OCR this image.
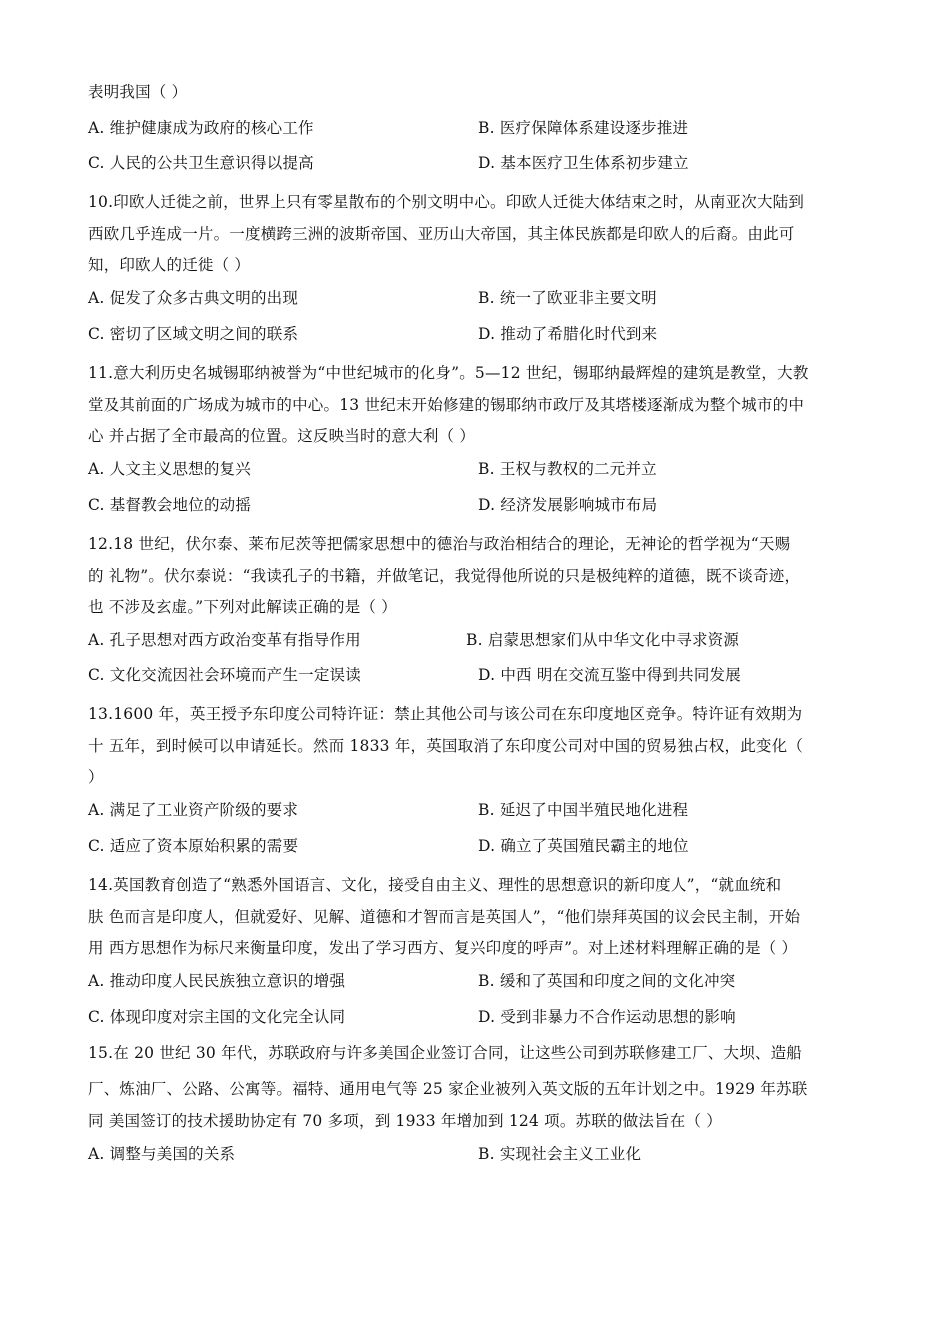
表明我国（ ）
A. 维护健康成为政府的核心工作	B. 医疗保障体系建设逐步推进
C. 人民的公共卫生意识得以提高	D. 基本医疗卫生体系初步建立
10.印欧人迁徙之前，世界上只有零星散布的个别文明中心。印欧人迁徙大体结束之时，从南亚次大陆到
西欧几乎连成一片。一度横跨三洲的波斯帝国、亚历山大帝国，其主体民族都是印欧人的后裔。由此可
知，印欧人的迁徙（ ）
A. 促发了众多古典文明的出现	B. 统一了欧亚非主要文明
C. 密切了区域文明之间的联系	D. 推动了希腊化时代到来
11.意大利历史名城锡耶纳被誉为“中世纪城市的化身”。5—12 世纪，锡耶纳最辉煌的建筑是教堂，大教
堂及其前面的广场成为城市的中心。13 世纪末开始修建的锡耶纳市政厅及其塔楼逐渐成为整个城市的中
心 并占据了全市最高的位置。这反映当时的意大利（ ）
A. 人文主义思想的复兴	B. 王权与教权的二元并立
C. 基督教会地位的动摇	D. 经济发展影响城市布局
12.18 世纪，伏尔泰、莱布尼茨等把儒家思想中的德治与政治相结合的理论，无神论的哲学视为“天赐
的 礼物”。伏尔泰说：“我读孔子的书籍，并做笔记，我觉得他所说的只是极纯粹的道德，既不谈奇迹，
也 不涉及玄虚。”下列对此解读正确的是（ ）
A. 孔子思想对西方政治变革有指导作用	B. 启蒙思想家们从中华文化中寻求资源
C. 文化交流因社会环境而产生一定误读	D. 中西 明在交流互鉴中得到共同发展
13.1600 年，英王授予东印度公司特许证：禁止其他公司与该公司在东印度地区竞争。特许证有效期为
十 五年，到时候可以申请延长。然而 1833 年，英国取消了东印度公司对中国的贸易独占权，此变化（
）
A. 满足了工业资产阶级的要求	B. 延迟了中国半殖民地化进程
C. 适应了资本原始积累的需要	D. 确立了英国殖民霸主的地位
14.英国教育创造了“熟悉外国语言、文化，接受自由主义、理性的思想意识的新印度人”，“就血统和
肤 色而言是印度人，但就爱好、见解、道德和才智而言是英国人”，“他们崇拜英国的议会民主制，开始
用 西方思想作为标尺来衡量印度，发出了学习西方、复兴印度的呼声”。对上述材料理解正确的是（ ）
A. 推动印度人民民族独立意识的增强	B. 缓和了英国和印度之间的文化冲突
C. 体现印度对宗主国的文化完全认同	D. 受到非暴力不合作运动思想的影响
15.在 20 世纪 30 年代，苏联政府与许多美国企业签订合同，让这些公司到苏联修建工厂、大坝、造船
厂、炼油厂、公路、公寓等。福特、通用电气等 25 家企业被列入英文版的五年计划之中。1929 年苏联
同 美国签订的技术援助协定有 70 多项，到 1933 年增加到 124 项。苏联的做法旨在（ ）
A. 调整与美国的关系	B. 实现社会主义工业化
